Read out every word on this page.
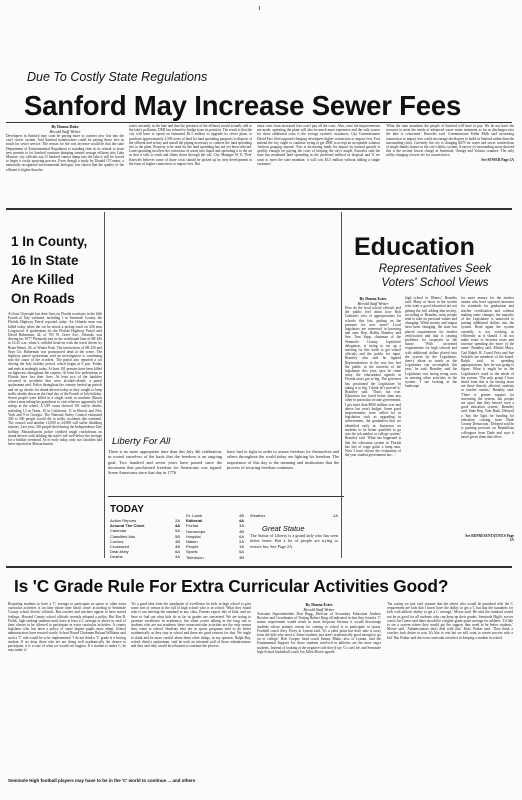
1
Due To Costly State Regulations
Sanford May Increase Sewer Fees
By Donna Duke
Herald Staff Writer
Developers in Sanford may soon be paying more to connect new lots into the city's sewer system. And Sanford homeowners could be paying those fees as much for sewer service. The reason for the cost increase would be that the state Department of Environmental Regulation is standing firm in its refusal to issue new permits to let Sanford continue dumping treated sewage effluent into Lake Monroe, city officials say. If Sanford cannot dump into the lake it will be forced to begin a costly spraying process. Even though a study by Donald O'Connor, a nationally recognized environmental biologist, has shown that the quality of the effluent is higher than the
water currently in the lake and that the presence of the effluent would actually add to the lake's pollution, DER has refused to bridge from its position. The result is that the city will have to spend an estimated $3.5 million to upgrade its sewer plant, to purchase approximately 2,500 acres of land for land spreading purposes to dispose of the effluent and to buy and install the piping necessary to connect the land spreading site to the plant. Property to be used for the land spreading has not yet been selected. Land spreading involves the extraction of waste into liquid and spreading it to the air so that it falls to earth and filters down through the soil. City Manager W. E. 'Pete' Knowles believes some of those costs should be picked up by new development in the form of higher connection or impact fees. But
extra costs from increased fees won't pay all the costs. Also, once the improvements are made, operating the plant will also be much more expensive and the only source for those additional costs is the sewage system's customers. City Commissioner David Farr filed opposed charging developers higher connection or impact fees. Farr instead the city ought to continue trying to get DER to accept an acceptable solution 'without gouging anyone'. Farr is increasing funds for impact by normal growth is quickly enough for paying the costs of keeping the city's ample. Knowles said the state has mandated land spreading as the preferred method of disposal and 'if we want to meet the state mandate, it will cost $3.5 million without adding a single customer.'
'What the state mandates the people of Sanford will have to pay. We do not have the recourse to meet the needs of advanced waste water treatment as far as discharges into the lake is concerned,' Knowles said. Commissioner Eddie Mills said increasing connection or impact fees could encourage developers to build in Sanford rather than the surrounding cities. Currently the city is charging $475 for water and sewer connections of single-family homes to the city's utility system. A survey of surrounding areas showed this is the second lowest charge in Seminole, Orange and Volusia counties. The only utility charging a lower fee for connection is
See SEWER Page 2A
1 In County,
16 In State
Are Killed
On Roads
At least 16 people lost their lives on Florida roadways in the fifth Fourth of July weekend, including 1 in Seminole County, the Florida Highway Patrol reported today. An Orlando man was killed today when the car he struck a pickup truck on 436 near Longwood. A spokesman for the Florida Highway Patrol said David Haberman, 42, of 705 W. Greer Ave., Orlando, was driving his 1977 Plymouth east in the westbound lane of SR 436 at 12:45 a.m. when it collided head-on with the truck driven by Brian Hanes, 26, of Winter Park. The intersection of SR 436 and Starr Cir. Haberman was pronounced dead at the scene. The highway patrol spokesman said an investigation is continuing into the cause of the accident. The patrol also reported a car driving the July holiday period, which began at 6 p.m. Friday and ends at midnight today. At least 101 persons have been killed on highways throughout the country. At least five pedestrians in Florida have lost their lives. At least two of the fatalities occurred in accidents that were alcohol-related, a patrol spokesman said. Police throughout the country beefed up patrols and set up checks for drunk drivers today as they sought to keep traffic deaths down on the final day of the Fourth of July holiday. Seven people were killed in a single crash in southern Illinois when a man taking his grandsons to visit relatives apparently fell asleep at the wheel. A UPI count showed 101 traffic deaths, including 13 in Texas, 10 in California, 11 in Illinois and New York and 9 in Georgia. The National Safety Council estimated 300 to 500 people would die in traffic accidents this weekend. The council said another 12,000 to 24,000 will suffer disabling injuries. Last year, 330 people died during the Independence Day holiday. Massachusetts police credited tough crackdowns on drunk drivers with holding the state's toll well below the average for a holiday weekend. As of early today, only two fatalities had been reported in Massachusetts.	Liberty For All
There is no more appropriate time than this July 4th celebration, in rooted ourselves of the basis that the freedom is an ongoing goal. Two hundred and seven years have passed since the document that proclaimed freedom for Americans was signed. Some Americans since that day in 1776
have had to fight in order to assure freedom for themselves and others throughout the world today are fighting for freedom. The importance of this day is the meaning and institutions that the process of securing freedom continues.
TODAY
Action Reports	2A
Around The Clock	4A
Calendar	5A
Classified Ads	5B
Comics	4B
Crossword	4B
Dear Abby	6A
Deaths	4A
Dr. Lamb	4B
Editorial	4A
Florida	3A
Horoscope	4B
Hospital	6A
Nation	2A
People	1B
Sports	6A
Television	3B
Weather	2A
Great Statue
The Statue of Liberty is a grand lady who has seen better times. But a lot of people are trying to restore her. See Page 2A.
Education
Representatives Seek Voters' School Views
By Donna Estes
Herald Staff Writer
How do the local school officials and the public feel about how Bob Graham's veto of appropriations for schools this fast, putting on the pressure for new taxes? Local legislators are interested in knowing and state Rep. Bobby Brantley and Sen. Tom Sapp, chairman of the Seminole County legislative delegation, is trying to set up a meeting for this week to get school officials and the public for input. Brantley who said he figured Representatives in the way few feel the public in the interests of the legislature this year, says he came away the educational agenda in Florida taxes got to big. The governor has positioned the Legislature 'in taking it to big. I think he's proved it,' Brantley said. 'That's not true. Education has fared better than any other in particular in state government. I get more than $800 million over and above last year's budget. Some good improvements were called for in legislation such as upgrading in achievement, the graduation that we identified early in. Insistence on students to be better qualified to go into the job market or college system,' Brantley said. 'What has happened is that the education system in Florida has lots of wage gains a lump sum. Now I have shown the evaluation of the year student government has ...'
high school in Illinois,' Brantley said. Many of those in the system who want a good education are not getting the full, adding that society, according to Brantley, most people tend to take on personal values and changing. While money and output have been changing, the state has placed requirements for teacher certification and that is causing problems for taxpayers in the future. 'With increased requirements for high schools and with additional dollars placed into the system by the Legislature, there's about as much as the Legislature can accomplish this year,' he said. Brantley said the Legislature was facing rising costs in meeting other activities in the system. 'I see looking at the landscape
for more money for the teacher unions who have opposed increases for standards for graduation and teacher certification and without making some changes, the majority of the Legislature is unmoved to putting additional dollars into the system. Read again the system currently is not working as efficiently as it should. I do not make sense to increase taxes and increase spending the more of the same,' Brantley said. Mickie Mays, Carl Ralph, B. Carrol Fritz and Sue Schraffe are members of the board. Ralph said, in spending appropriations, how he was going to figure. What it might be in the Legislature's work to the needs of the system. 'The only group I have heard from that is for raising taxes are those directly affected, students or teacher unions,' Brantley said. 'There is greater support for increasing the system, but people are upset that they haven't seen a good education system,' Brantley said. State Rep. Tom Bush, Delayed a 'Say the fight for funding for education coming from Dade County Democrats.' Delayed said he is pushing pressure on Republican colleagues from Dade and says it hasn't given them that effect.
See REPRESENTATIVES Page 3A
Is 'C Grade Rule For Extra Curricular Activities Good?
Requiring students to have a 'C' average to participate in sports or other extra curricular activities is 'an idea whose time hasn't come' according to Seminole County school district officials. But coaches and teachers appear to have mixed feelings. Howard County school officials recently adopted a policy. But Ron B. Fields, high ranking students must have at least a C average or above in each of their classes to be allowed to participate in extra curricular activities. A county legislator who has been a policy of some degree pupils must adopt. School administrators have reacted warily. School Board Chairman Ruland Williams said such a 'C' rule would be to be implemented. 'I do not think a 'C' grade is a forcing student. If we deny those who are not doing well academically the chance to participate, it is a case of what we would see happen. If a student is under C, he may make it.'
'It's a good idea from the standpoint of excellence for kids in high school to give some sort of reason in the fall of high school who is in school. What they found who is not meeting the standard in any class. Parents expect this of kids, and we have to find out what kids do as far as grades are concerned. We are trying to promote excellence in academics, but when you're talking in the long run to students who are not academic these extracurricular activities are the only reason they come to school. Students who are in sports programs tend to do better academically as they stay in school and there are good reasons for that. We ought to think and be more careful about these other things, in my opinion. Ralph Ray, school district spokesman, said he took an informal poll of those administrators and they said they would be reluctant to continue the process.
By Donna Estes
Herald Staff Writer
Assistant Superintendent Don Bagg, Director of Secondary Education Andrew Rossiter and Coordinator of Testing Robert King all indicated in that they found a 'C' minus requirement would result in more dropouts because it would discourage students whose primary reason for coming to school is to participate in sports. Football coach Jerry Posey at Lyman said, 'it's a valid point but don't take it away from the kids who need it. Some students just aren't academically good enough to go on to college.' Bob Cooper, head coach Jimmy Blake, also of Lyman, said the Fundamental Support Act those students involved in athletics are the most eager students. Instead of looking at the negative side they'd say 'Cs can't be' and Seminole high School basketball coach Joe Allen Moore agreed.
'I'm saying we just can't assume that the others who would be punished with the C requirement are kids that I know have the ability to get a C but that the standards for kids with athletic ability to get a C average,' Moore said. He said the standard would not be as good for all students who can keep up their grades. Seminole High's soccer coach Joe Green said there should be a higher grade point average for athletes. 'I'd like to see a system where they would get the support they need to be better students,' Moore said. 'Administrators don't deal with that.' Kids, Parker said. 'They think a coaches look desire to win. It's like to win but we still want to create success with a kid.' But Parker said the extra curricular activities in keeping a student in school.
Seminole High football players may have to be in the 'C' world to continue ... and others
